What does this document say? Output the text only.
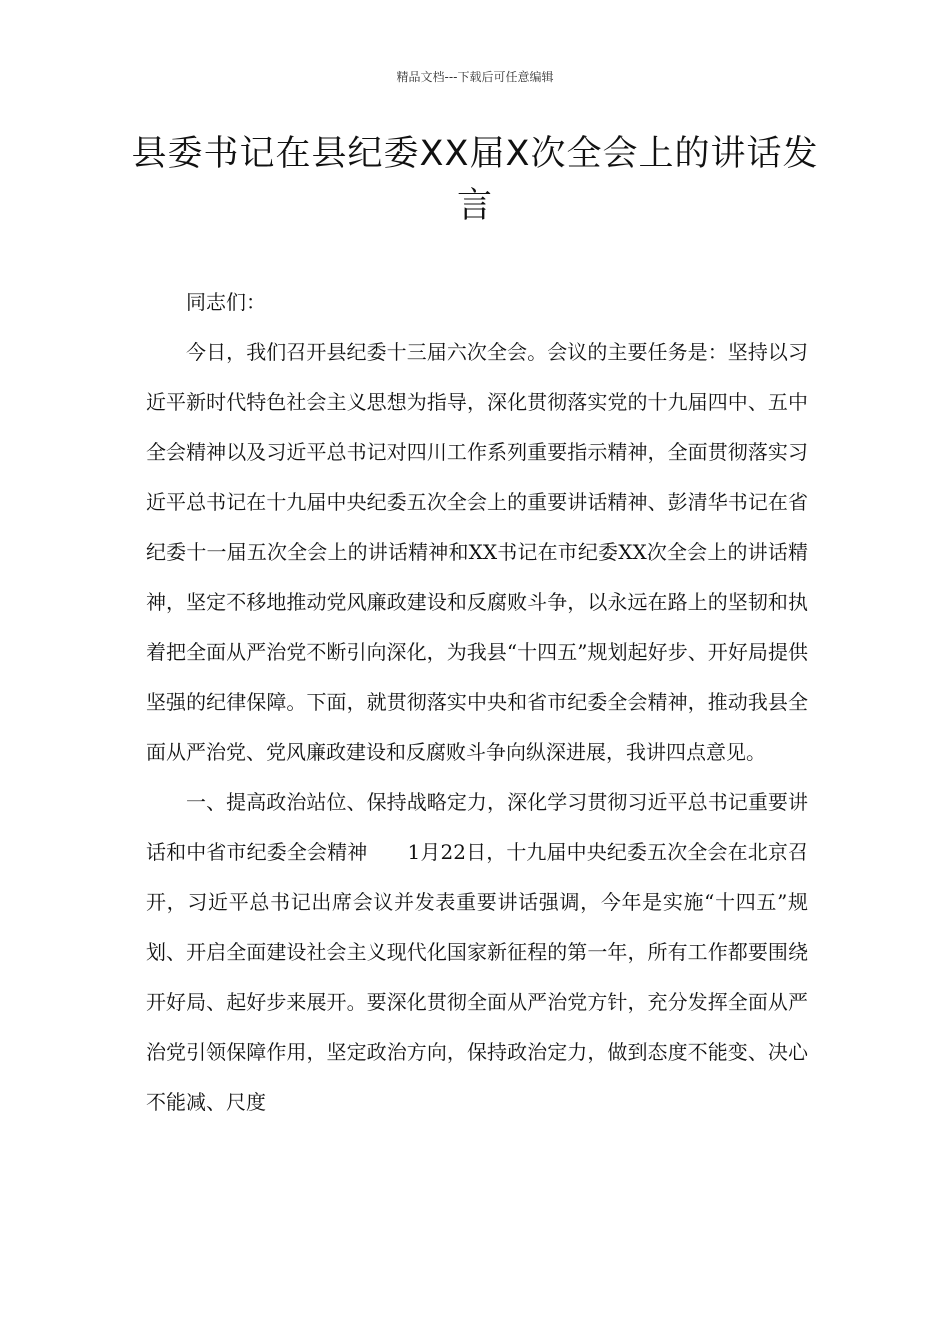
精品文档---下载后可任意编辑
县委书记在县纪委XX届X次全会上的讲话发言

同志们：

今日，我们召开县纪委十三届六次全会。会议的主要任务是：坚持以习近平新时代特色社会主义思想为指导，深化贯彻落实党的十九届四中、五中全会精神以及习近平总书记对四川工作系列重要指示精神，全面贯彻落实习近平总书记在十九届中央纪委五次全会上的重要讲话精神、彭清华书记在省纪委十一届五次全会上的讲话精神和XX书记在市纪委XX次全会上的讲话精神，坚定不移地推动党风廉政建设和反腐败斗争，以永远在路上的坚韧和执着把全面从严治党不断引向深化，为我县“十四五”规划起好步、开好局提供坚强的纪律保障。下面，就贯彻落实中央和省市纪委全会精神，推动我县全面从严治党、党风廉政建设和反腐败斗争向纵深进展，我讲四点意见。

一、提高政治站位、保持战略定力，深化学习贯彻习近平总书记重要讲话和中省市纪委全会精神　　1月22日，十九届中央纪委五次全会在北京召开，习近平总书记出席会议并发表重要讲话强调，今年是实施“十四五”规划、开启全面建设社会主义现代化国家新征程的第一年，所有工作都要围绕开好局、起好步来展开。要深化贯彻全面从严治党方针，充分发挥全面从严治党引领保障作用，坚定政治方向，保持政治定力，做到态度不能变、决心不能减、尺度
